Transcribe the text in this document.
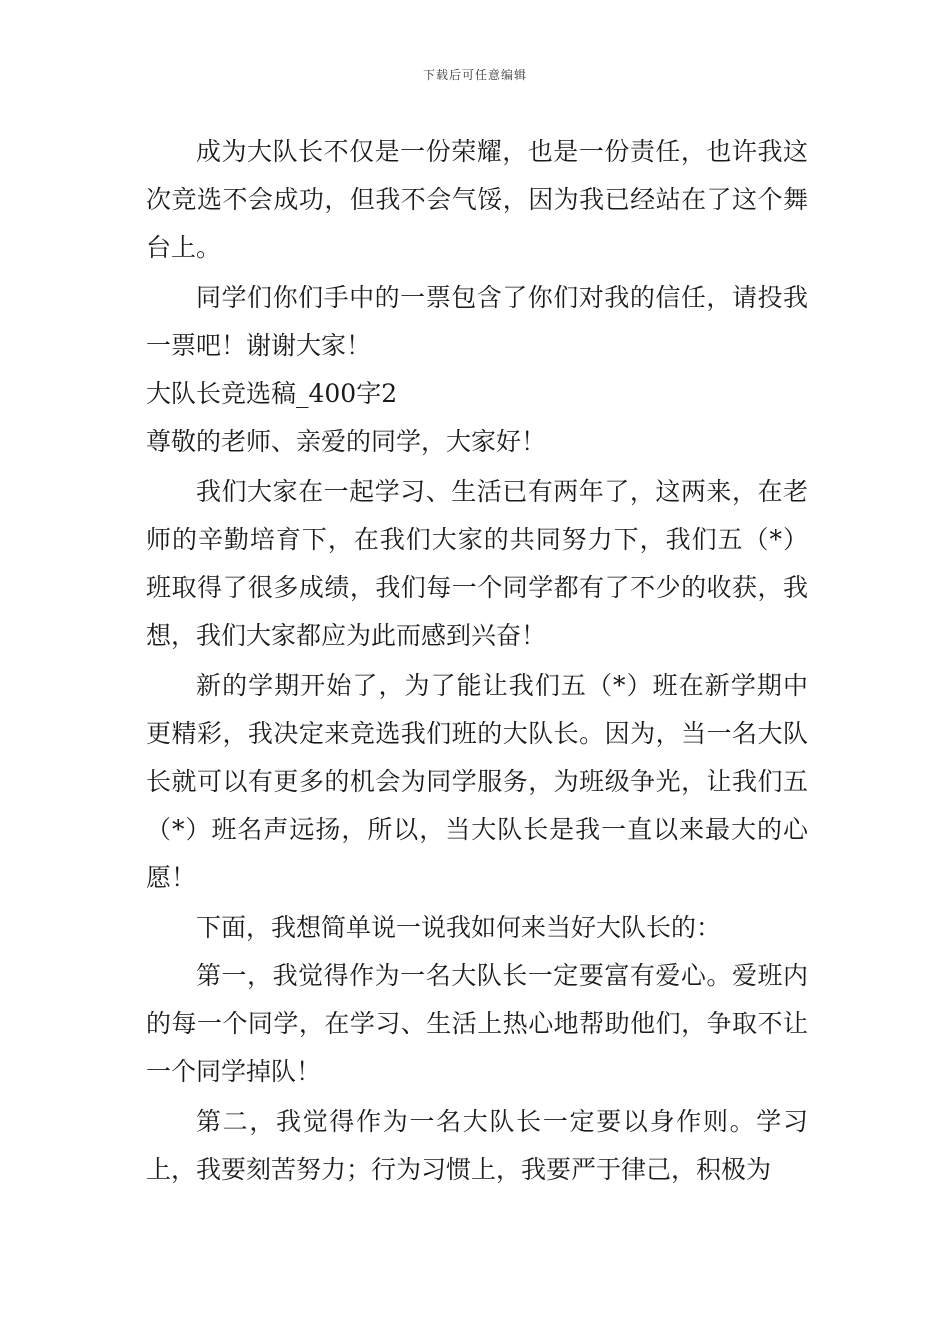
下载后可任意编辑

成为大队长不仅是一份荣耀，也是一份责任，也许我这次竞选不会成功，但我不会气馁，因为我已经站在了这个舞台上。

同学们你们手中的一票包含了你们对我的信任，请投我一票吧！谢谢大家！

大队长竞选稿_400字2

尊敬的老师、亲爱的同学，大家好！

我们大家在一起学习、生活已有两年了，这两来，在老师的辛勤培育下，在我们大家的共同努力下，我们五（*）班取得了很多成绩，我们每一个同学都有了不少的收获，我想，我们大家都应为此而感到兴奋！

新的学期开始了，为了能让我们五（*）班在新学期中更精彩，我决定来竞选我们班的大队长。因为，当一名大队长就可以有更多的机会为同学服务，为班级争光，让我们五（*）班名声远扬，所以，当大队长是我一直以来最大的心愿！

下面，我想简单说一说我如何来当好大队长的：

第一，我觉得作为一名大队长一定要富有爱心。爱班内的每一个同学，在学习、生活上热心地帮助他们，争取不让一个同学掉队！

第二，我觉得作为一名大队长一定要以身作则。学习上，我要刻苦努力；行为习惯上，我要严于律己，积极为
